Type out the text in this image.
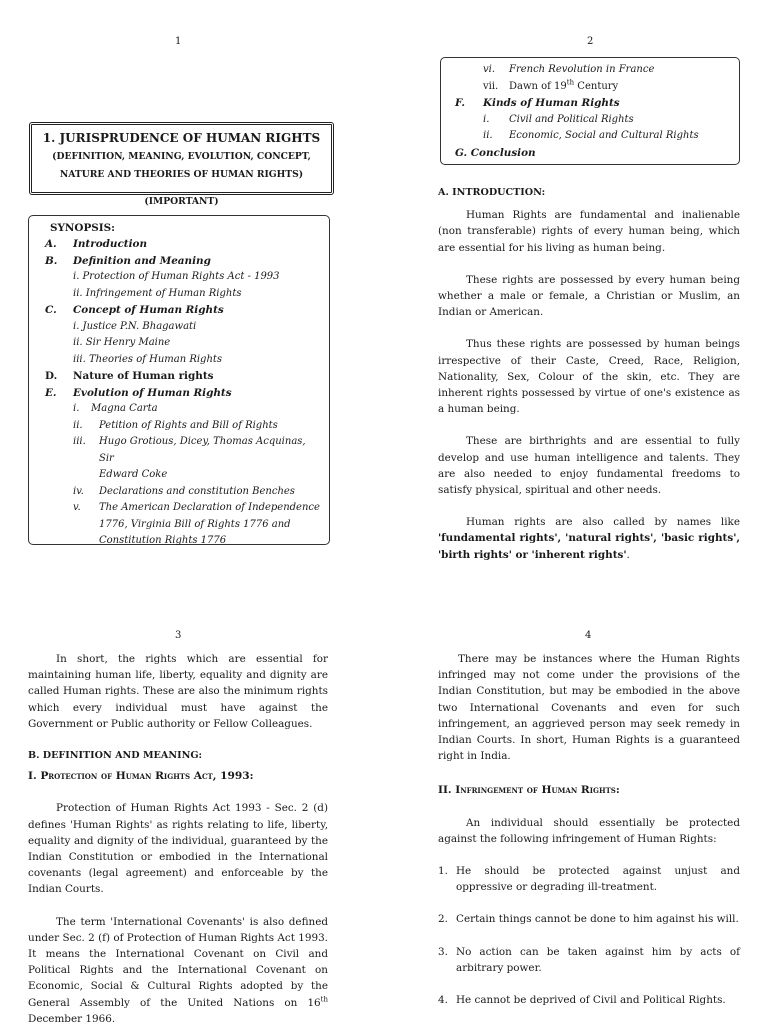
1	2
3	4
1. JURISPRUDENCE OF HUMAN RIGHTS
(DEFINITION, MEANING, EVOLUTION, CONCEPT,
NATURE AND THEORIES OF HUMAN RIGHTS)
(IMPORTANT)
SYNOPSIS:
A.	Introduction
B.	Definition and Meaning
i. Protection of Human Rights Act - 1993
ii. Infringement of Human Rights
C.	Concept of Human Rights
i. Justice P.N. Bhagawati
ii. Sir Henry Maine
iii. Theories of Human Rights
D.	Nature of Human rights
E.	Evolution of Human Rights
i.	Magna Carta
ii.	Petition of Rights and Bill of Rights
iii.	Hugo Grotious, Dicey, Thomas Acquinas, Sir
Edward Coke
iv.	Declarations and constitution Benches
v.	The American Declaration of Independence
1776, Virginia Bill of Rights 1776 and
Constitution Rights 1776
vi.	French Revolution in France
vii.	Dawn of 19th Century
F.	Kinds of Human Rights
i.	Civil and Political Rights
ii.	Economic, Social and Cultural Rights
G. Conclusion
A. INTRODUCTION:

Human Rights are fundamental and inalienable (non transferable) rights of every human being, which are essential for his living as human being.

These rights are possessed by every human being whether a male or female, a Christian or Muslim, an Indian or American.

Thus these rights are possessed by human beings irrespective of their Caste, Creed, Race, Religion, Nationality, Sex, Colour of the skin, etc. They are inherent rights possessed by virtue of one's existence as a human being.

These are birthrights and are essential to fully develop and use human intelligence and talents. They are also needed to enjoy fundamental freedoms to satisfy physical, spiritual and other needs.

Human rights are also called by names like 'fundamental rights', 'natural rights', 'basic rights', 'birth rights' or 'inherent rights'.

In short, the rights which are essential for maintaining human life, liberty, equality and dignity are called Human rights. These are also the minimum rights which every individual must have against the Government or Public authority or Fellow Colleagues.

B. DEFINITION AND MEANING:
I. Protection of Human Rights Act, 1993:

Protection of Human Rights Act 1993 - Sec. 2 (d) defines 'Human Rights' as rights relating to life, liberty, equality and dignity of the individual, guaranteed by the Indian Constitution or embodied in the International covenants (legal agreement) and enforceable by the Indian Courts.

The term 'International Covenants' is also defined under Sec. 2 (f) of Protection of Human Rights Act 1993. It means the International Covenant on Civil and Political Rights and the International Covenant on Economic, Social & Cultural Rights adopted by the General Assembly of the United Nations on 16th December 1966.

There may be instances where the Human Rights infringed may not come under the provisions of the Indian Constitution, but may be embodied in the above two International Covenants and even for such infringement, an aggrieved person may seek remedy in Indian Courts. In short, Human Rights is a guaranteed right in India.

II. Infringement of Human Rights:

An individual should essentially be protected against the following infringement of Human Rights:

1. He should be protected against unjust and oppressive or degrading ill-treatment.
2. Certain things cannot be done to him against his will.
3. No action can be taken against him by acts of arbitrary power.
4. He cannot be deprived of Civil and Political Rights.
